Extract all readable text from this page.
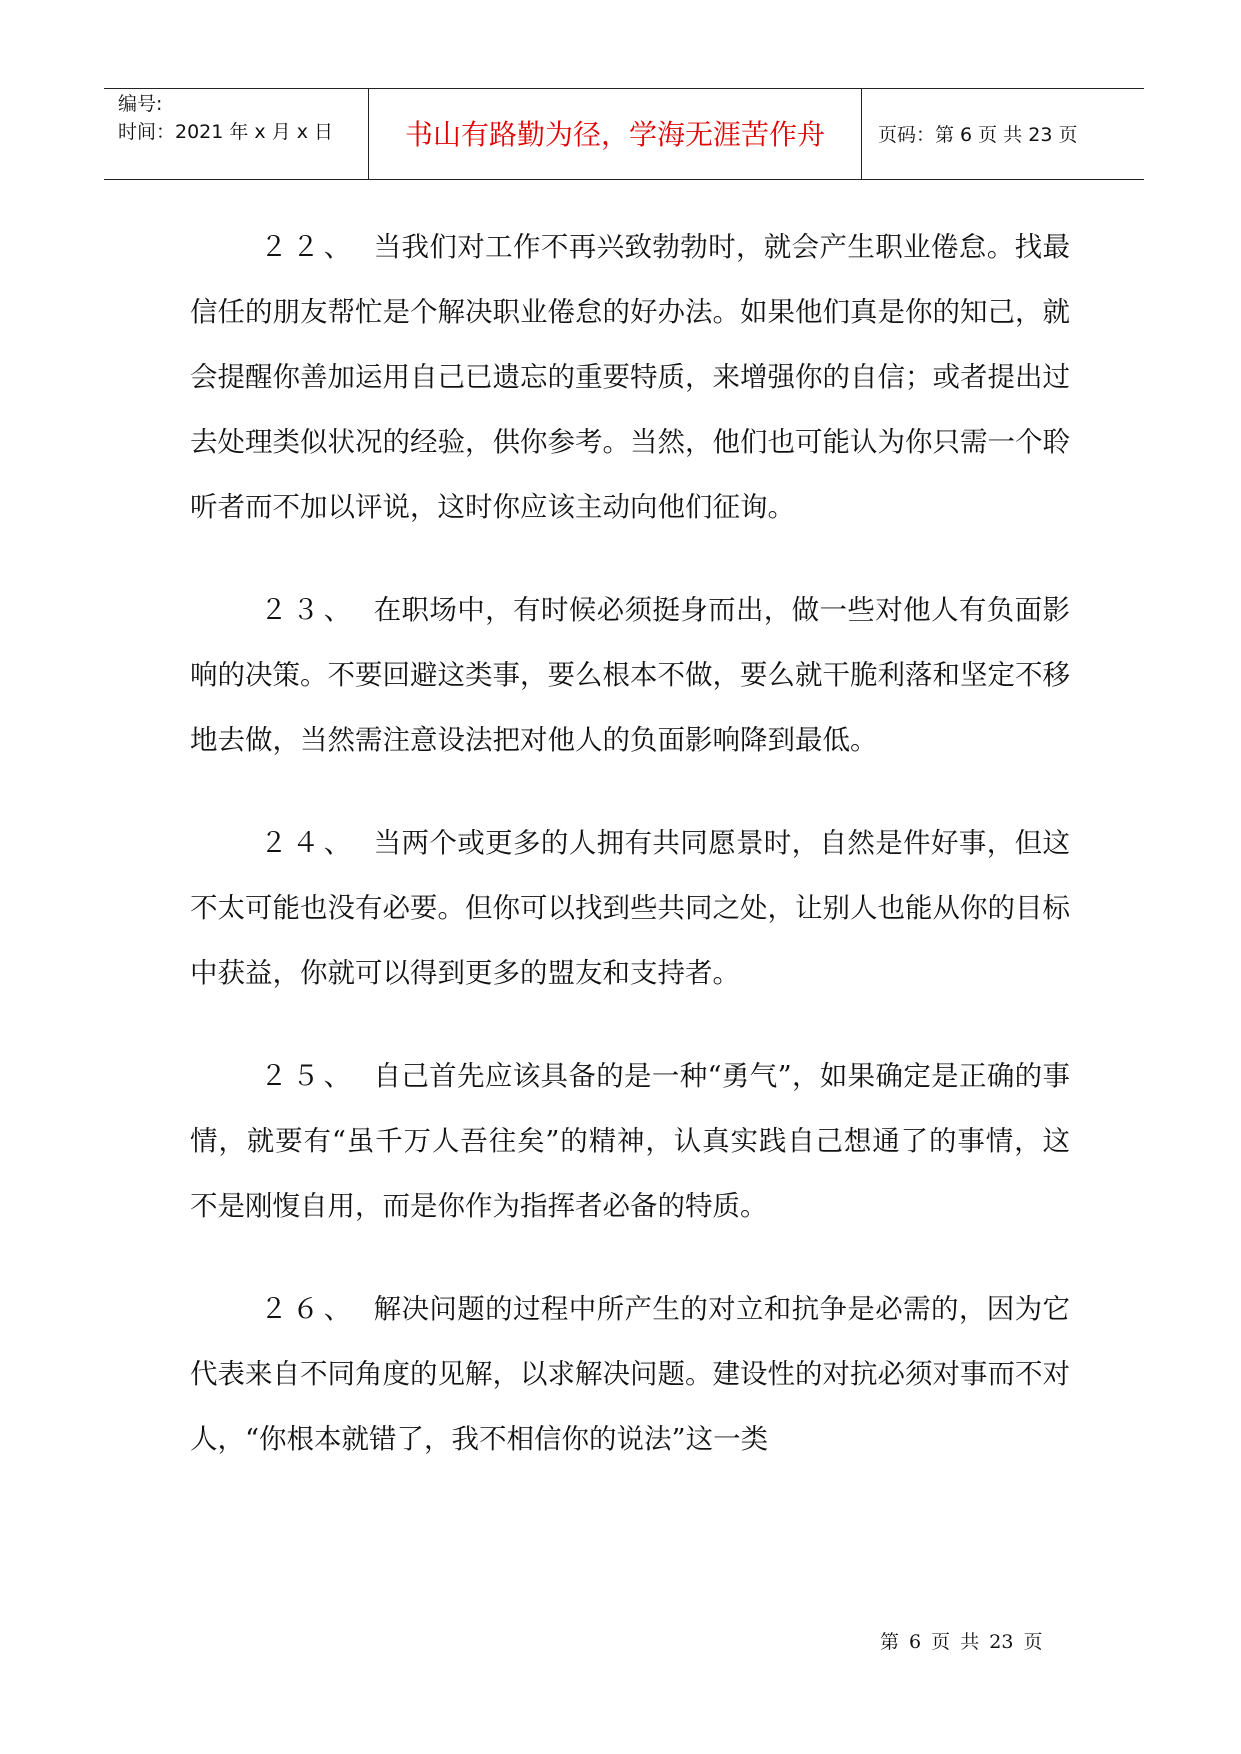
编号:
时间：2021 年 x 月 x 日	书山有路勤为径，学海无涯苦作舟	页码：第 6 页 共 23 页

２２、 当我们对工作不再兴致勃勃时，就会产生职业倦怠。找最信任的朋友帮忙是个解决职业倦怠的好办法。如果他们真是你的知己，就会提醒你善加运用自己已遗忘的重要特质，来增强你的自信；或者提出过去处理类似状况的经验，供你参考。当然，他们也可能认为你只需一个聆听者而不加以评说，这时你应该主动向他们征询。

２３、 在职场中，有时候必须挺身而出，做一些对他人有负面影响的决策。不要回避这类事，要么根本不做，要么就干脆利落和坚定不移地去做，当然需注意设法把对他人的负面影响降到最低。

２４、 当两个或更多的人拥有共同愿景时，自然是件好事，但这不太可能也没有必要。但你可以找到些共同之处，让别人也能从你的目标中获益，你就可以得到更多的盟友和支持者。

２５、 自己首先应该具备的是一种“勇气”，如果确定是正确的事情，就要有“虽千万人吾往矣”的精神，认真实践自己想通了的事情，这不是刚愎自用，而是你作为指挥者必备的特质。

２６、 解决问题的过程中所产生的对立和抗争是必需的，因为它代表来自不同角度的见解，以求解决问题。建设性的对抗必须对事而不对人，“你根本就错了，我不相信你的说法”这一类

第 6 页 共 23 页
